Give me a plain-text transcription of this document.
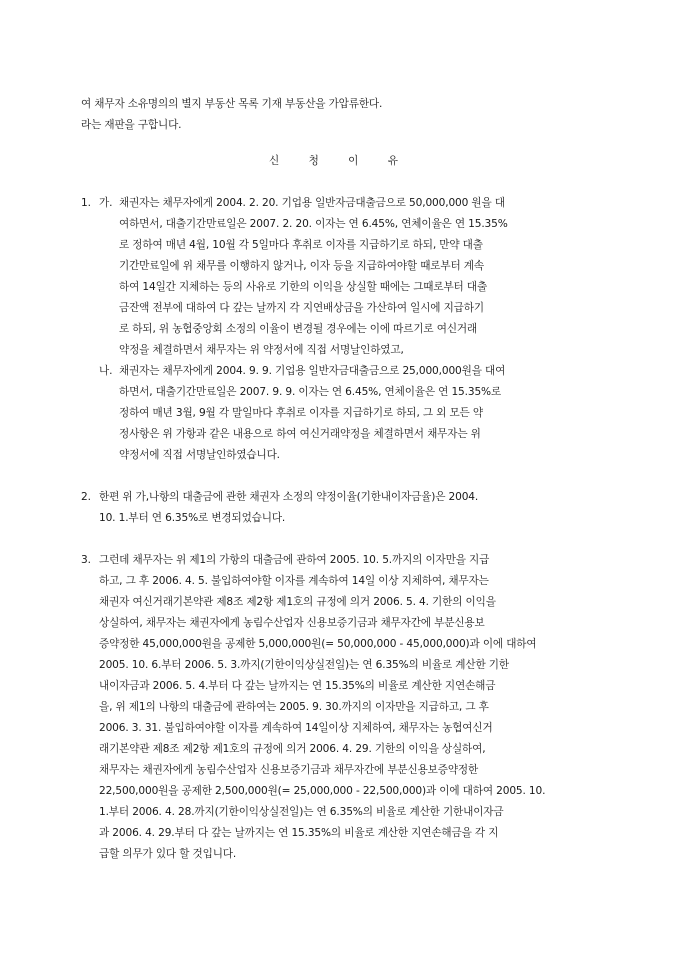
여 채무자 소유명의의 별지 부동산 목록 기재 부동산을 가압류한다.
라는 재판을 구합니다.
신 청 이 유
1. 가. 채권자는 채무자에게 2004. 2. 20. 기업용 일반자금대출금으로 50,000,000 원을 대
여하면서, 대출기간만료일은 2007. 2. 20. 이자는 연 6.45%, 연체이율은 연 15.35%
로 정하여 매년 4월, 10월 각 5일마다 후취로 이자를 지급하기로 하되, 만약 대출
기간만료일에 위 채무를 이행하지 않거나, 이자 등을 지급하여야할 때로부터 계속
하여 14일간 지체하는 등의 사유로 기한의 이익을 상실할 때에는 그때로부터 대출
금잔액 전부에 대하여 다 갚는 날까지 각 지연배상금을 가산하여 일시에 지급하기
로 하되, 위 농협중앙회 소정의 이율이 변경될 경우에는 이에 따르기로 여신거래
약정을 체결하면서 채무자는 위 약정서에 직접 서명날인하였고,
나. 채권자는 채무자에게 2004. 9. 9. 기업용 일반자금대출금으로 25,000,000원을 대여
하면서, 대출기간만료일은 2007. 9. 9. 이자는 연 6.45%, 연체이율은 연 15.35%로
정하여 매년 3월, 9월 각 말일마다 후취로 이자를 지급하기로 하되, 그 외 모든 약
정사항은 위 가항과 같은 내용으로 하여 여신거래약정을 체결하면서 채무자는 위
약정서에 직접 서명날인하였습니다.
2. 한편 위 가,나항의 대출금에 관한 채권자 소정의 약정이율(기한내이자금율)은 2004.
10. 1.부터 연 6.35%로 변경되었습니다.
3. 그런데 채무자는 위 제1의 가항의 대출금에 관하여 2005. 10. 5.까지의 이자만을 지급
하고, 그 후 2006. 4. 5. 불입하여야할 이자를 계속하여 14일 이상 지체하여, 채무자는
채권자 여신거래기본약관 제8조 제2항 제1호의 규정에 의거 2006. 5. 4. 기한의 이익을
상실하여, 채무자는 채권자에게 농림수산업자 신용보증기금과 채무자간에 부분신용보
증약정한 45,000,000원을 공제한 5,000,000원(= 50,000,000 - 45,000,000)과 이에 대하여
2005. 10. 6.부터 2006. 5. 3.까지(기한이익상실전일)는 연 6.35%의 비율로 계산한 기한
내이자금과 2006. 5. 4.부터 다 갚는 날까지는 연 15.35%의 비율로 계산한 지연손해금
을, 위 제1의 나항의 대출금에 관하여는 2005. 9. 30.까지의 이자만을 지급하고, 그 후
2006. 3. 31. 불입하여야할 이자를 계속하여 14일이상 지체하여, 채무자는 농협여신거
래기본약관 제8조 제2항 제1호의 규정에 의거 2006. 4. 29. 기한의 이익을 상실하여,
채무자는 채권자에게 농림수산업자 신용보증기금과 채무자간에 부분신용보증약정한
22,500,000원을 공제한 2,500,000원(= 25,000,000 - 22,500,000)과 이에 대하여 2005. 10.
1.부터 2006. 4. 28.까지(기한이익상실전일)는 연 6.35%의 비율로 계산한 기한내이자금
과 2006. 4. 29.부터 다 갚는 날까지는 연 15.35%의 비율로 계산한 지연손해금을 각 지
급할 의무가 있다 할 것입니다.
